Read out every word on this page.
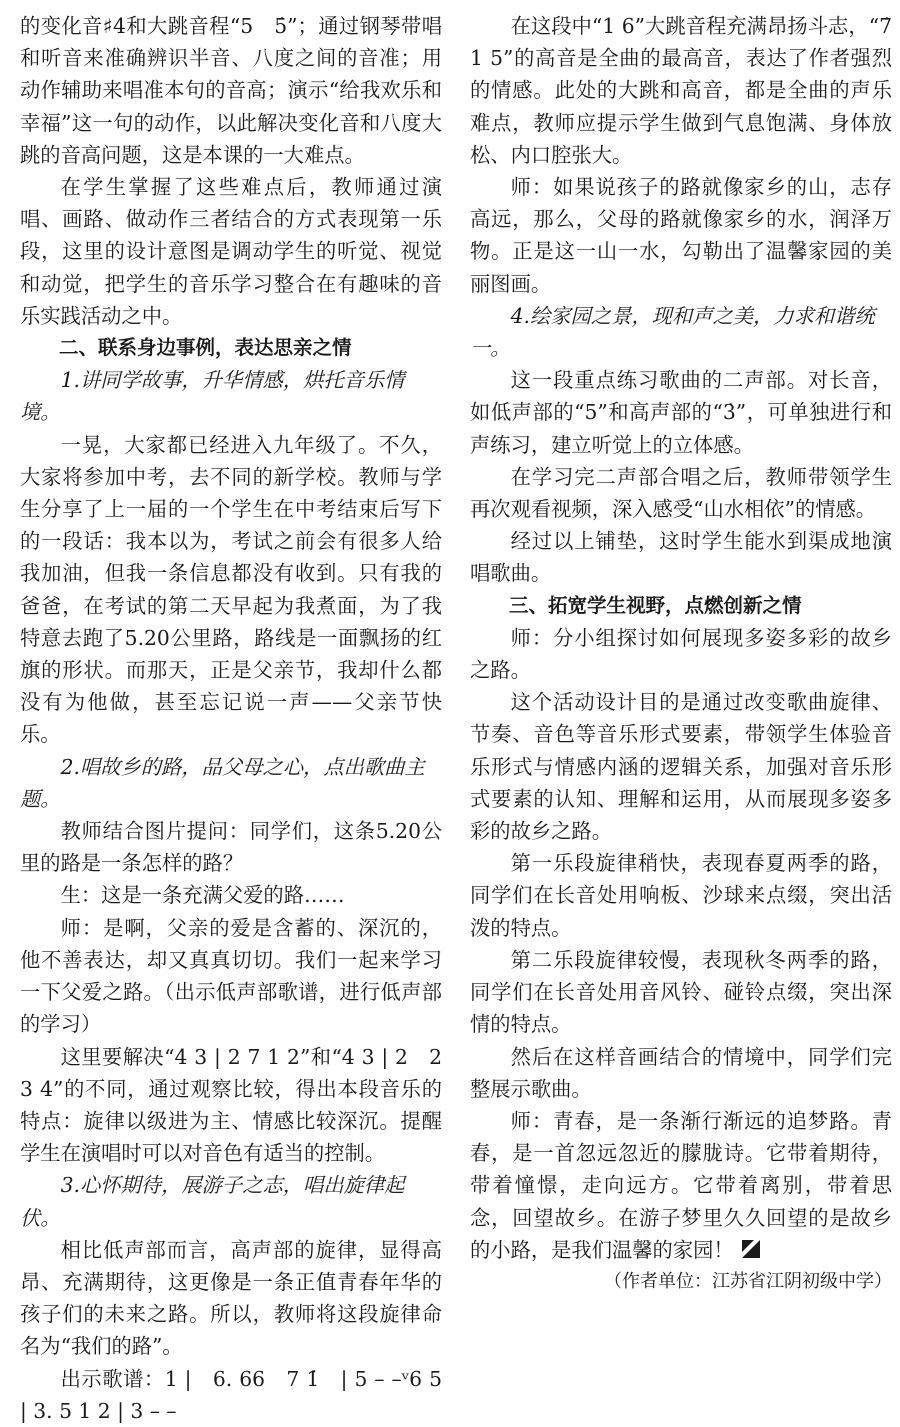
的变化音♯4和大跳音程“5　5̇”；通过钢琴带唱和听音来准确辨识半音、八度之间的音准；用动作辅助来唱准本句的音高；演示“给我欢乐和幸福”这一句的动作，以此解决变化音和八度大跳的音高问题，这是本课的一大难点。

在学生掌握了这些难点后，教师通过演唱、画路、做动作三者结合的方式表现第一乐段，这里的设计意图是调动学生的听觉、视觉和动觉，把学生的音乐学习整合在有趣味的音乐实践活动之中。

二、联系身边事例，表达思亲之情

1.讲同学故事，升华情感，烘托音乐情境。

一晃，大家都已经进入九年级了。不久，大家将参加中考，去不同的新学校。教师与学生分享了上一届的一个学生在中考结束后写下的一段话：我本以为，考试之前会有很多人给我加油，但我一条信息都没有收到。只有我的爸爸，在考试的第二天早起为我煮面，为了我特意去跑了5.20公里路，路线是一面飘扬的红旗的形状。而那天，正是父亲节，我却什么都没有为他做，甚至忘记说一声——父亲节快乐。

2.唱故乡的路，品父母之心，点出歌曲主题。

教师结合图片提问：同学们，这条5.20公里的路是一条怎样的路？

生：这是一条充满父爱的路……

师：是啊，父亲的爱是含蓄的、深沉的，他不善表达，却又真真切切。我们一起来学习一下父爱之路。（出示低声部歌谱，进行低声部的学习）

这里要解决“4 3 | 2 7 1 2”和“4 3 | 2　2 3 4”的不同，通过观察比较，得出本段音乐的特点：旋律以级进为主、情感比较深沉。提醒学生在演唱时可以对音色有适当的控制。

3.心怀期待，展游子之志，唱出旋律起伏。

相比低声部而言，高声部的旋律，显得高昂、充满期待，这更像是一条正值青春年华的孩子们的未来之路。所以，教师将这段旋律命名为“我们的路”。

出示歌谱：1 |　6. 66　7 1̇　| 5 – –ᵛ6 5 | 3. 5 1 2 | 3 – –

在这段中“1 6”大跳音程充满昂扬斗志，“7̇ 1 5”的高音是全曲的最高音，表达了作者强烈的情感。此处的大跳和高音，都是全曲的声乐难点，教师应提示学生做到气息饱满、身体放松、内口腔张大。

师：如果说孩子的路就像家乡的山，志存高远，那么，父母的路就像家乡的水，润泽万物。正是这一山一水，勾勒出了温馨家园的美丽图画。

4.绘家园之景，现和声之美，力求和谐统一。

这一段重点练习歌曲的二声部。对长音，如低声部的“5”和高声部的“3̇”，可单独进行和声练习，建立听觉上的立体感。

在学习完二声部合唱之后，教师带领学生再次观看视频，深入感受“山水相依”的情感。

经过以上铺垫，这时学生能水到渠成地演唱歌曲。

三、拓宽学生视野，点燃创新之情

师：分小组探讨如何展现多姿多彩的故乡之路。

这个活动设计目的是通过改变歌曲旋律、节奏、音色等音乐形式要素，带领学生体验音乐形式与情感内涵的逻辑关系，加强对音乐形式要素的认知、理解和运用，从而展现多姿多彩的故乡之路。

第一乐段旋律稍快，表现春夏两季的路，同学们在长音处用响板、沙球来点缀，突出活泼的特点。

第二乐段旋律较慢，表现秋冬两季的路，同学们在长音处用音风铃、碰铃点缀，突出深情的特点。

然后在这样音画结合的情境中，同学们完整展示歌曲。

师：青春，是一条渐行渐远的追梦路。青春，是一首忽远忽近的朦胧诗。它带着期待，带着憧憬，走向远方。它带着离别，带着思念，回望故乡。在游子梦里久久回望的是故乡的小路，是我们温馨的家园！

（作者单位：江苏省江阴初级中学）
